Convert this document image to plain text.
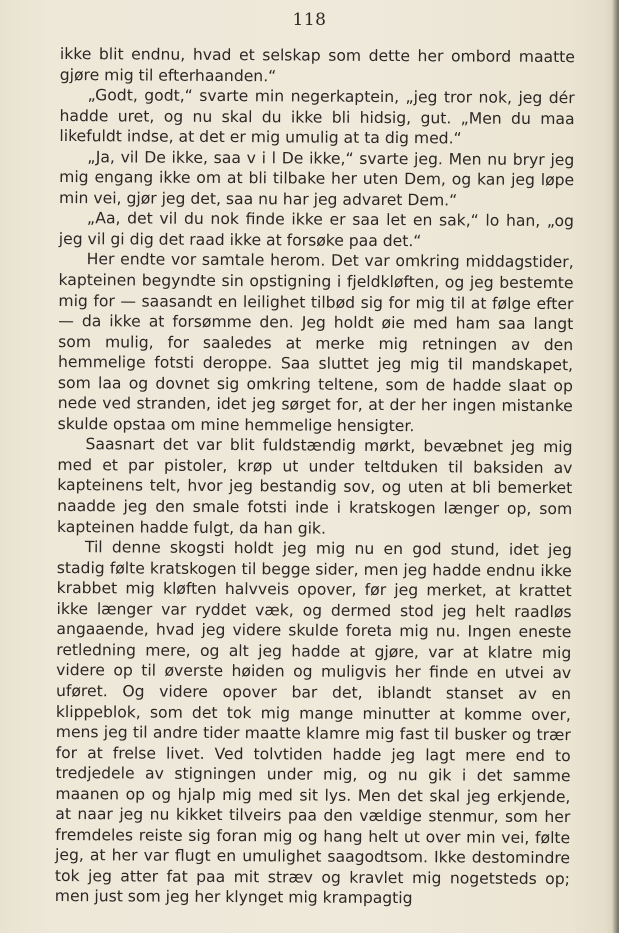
118

ikke blit endnu, hvad et selskap som dette her ombord maatte gjøre mig til efterhaanden.“

„Godt, godt,“ svarte min negerkaptein, „jeg tror nok, jeg dér hadde uret, og nu skal du ikke bli hidsig, gut. „Men du maa likefuldt indse, at det er mig umulig at ta dig med.“

„Ja, vil De ikke, saa v i l De ikke,“ svarte jeg. Men nu bryr jeg mig engang ikke om at bli tilbake her uten Dem, og kan jeg løpe min vei, gjør jeg det, saa nu har jeg advaret Dem.“

„Aa, det vil du nok finde ikke er saa let en sak,“ lo han, „og jeg vil gi dig det raad ikke at forsøke paa det.“

Her endte vor samtale herom. Det var omkring middagstider, kapteinen begyndte sin opstigning i fjeldkløften, og jeg bestemte mig for — saasandt en leilighet tilbød sig for mig til at følge efter — da ikke at forsømme den. Jeg holdt øie med ham saa langt som mulig, for saaledes at merke mig retningen av den hemmelige fotsti deroppe. Saa sluttet jeg mig til mandskapet, som laa og dovnet sig omkring teltene, som de hadde slaat op nede ved stranden, idet jeg sørget for, at der her ingen mistanke skulde opstaa om mine hemmelige hensigter.

Saasnart det var blit fuldstændig mørkt, bevæbnet jeg mig med et par pistoler, krøp ut under teltduken til baksiden av kapteinens telt, hvor jeg bestandig sov, og uten at bli bemerket naadde jeg den smale fotsti inde i kratskogen længer op, som kapteinen hadde fulgt, da han gik.

Til denne skogsti holdt jeg mig nu en god stund, idet jeg stadig følte kratskogen til begge sider, men jeg hadde endnu ikke krabbet mig kløften halvveis opover, før jeg merket, at krattet ikke længer var ryddet væk, og dermed stod jeg helt raadløs angaaende, hvad jeg videre skulde foreta mig nu. Ingen eneste retledning mere, og alt jeg hadde at gjøre, var at klatre mig videre op til øverste høiden og muligvis her finde en utvei av uføret. Og videre opover bar det, iblandt stanset av en klippeblok, som det tok mig mange minutter at komme over, mens jeg til andre tider maatte klamre mig fast til busker og trær for at frelse livet. Ved tolvtiden hadde jeg lagt mere end to tredjedele av stigningen under mig, og nu gik i det samme maanen op og hjalp mig med sit lys. Men det skal jeg erkjende, at naar jeg nu kikket tilveirs paa den vældige stenmur, som her fremdeles reiste sig foran mig og hang helt ut over min vei, følte jeg, at her var flugt en umulighet saagodtsom. Ikke destomindre tok jeg atter fat paa mit stræv og kravlet mig nogetsteds op; men just som jeg her klynget mig krampagtig
